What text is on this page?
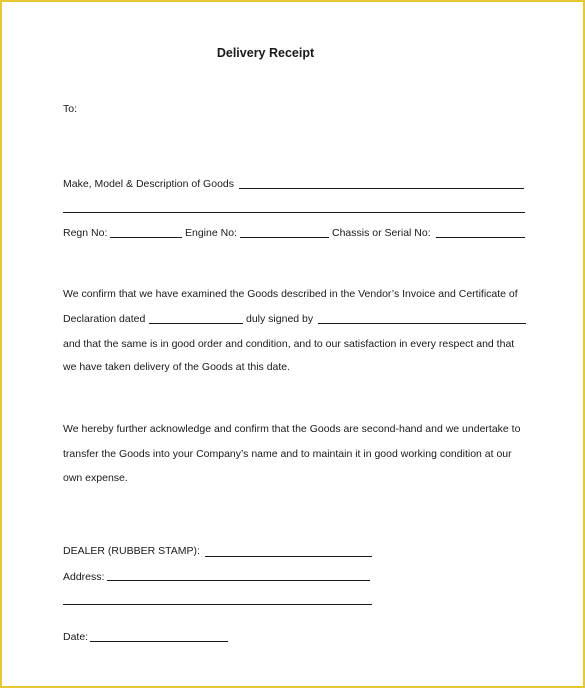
Delivery Receipt
To:
Make, Model & Description of Goods
Regn No:	Engine No:	Chassis or Serial No:
We confirm that we have examined the Goods described in the Vendor’s Invoice and Certificate of
Declaration dated	duly signed by
and that the same is in good order and condition, and to our satisfaction in every respect and that
we have taken delivery of the Goods at this date.
We hereby further acknowledge and confirm that the Goods are second-hand and we undertake to
transfer the Goods into your Company’s name and to maintain it in good working condition at our
own expense.
DEALER (RUBBER STAMP):
Address:
Date:
